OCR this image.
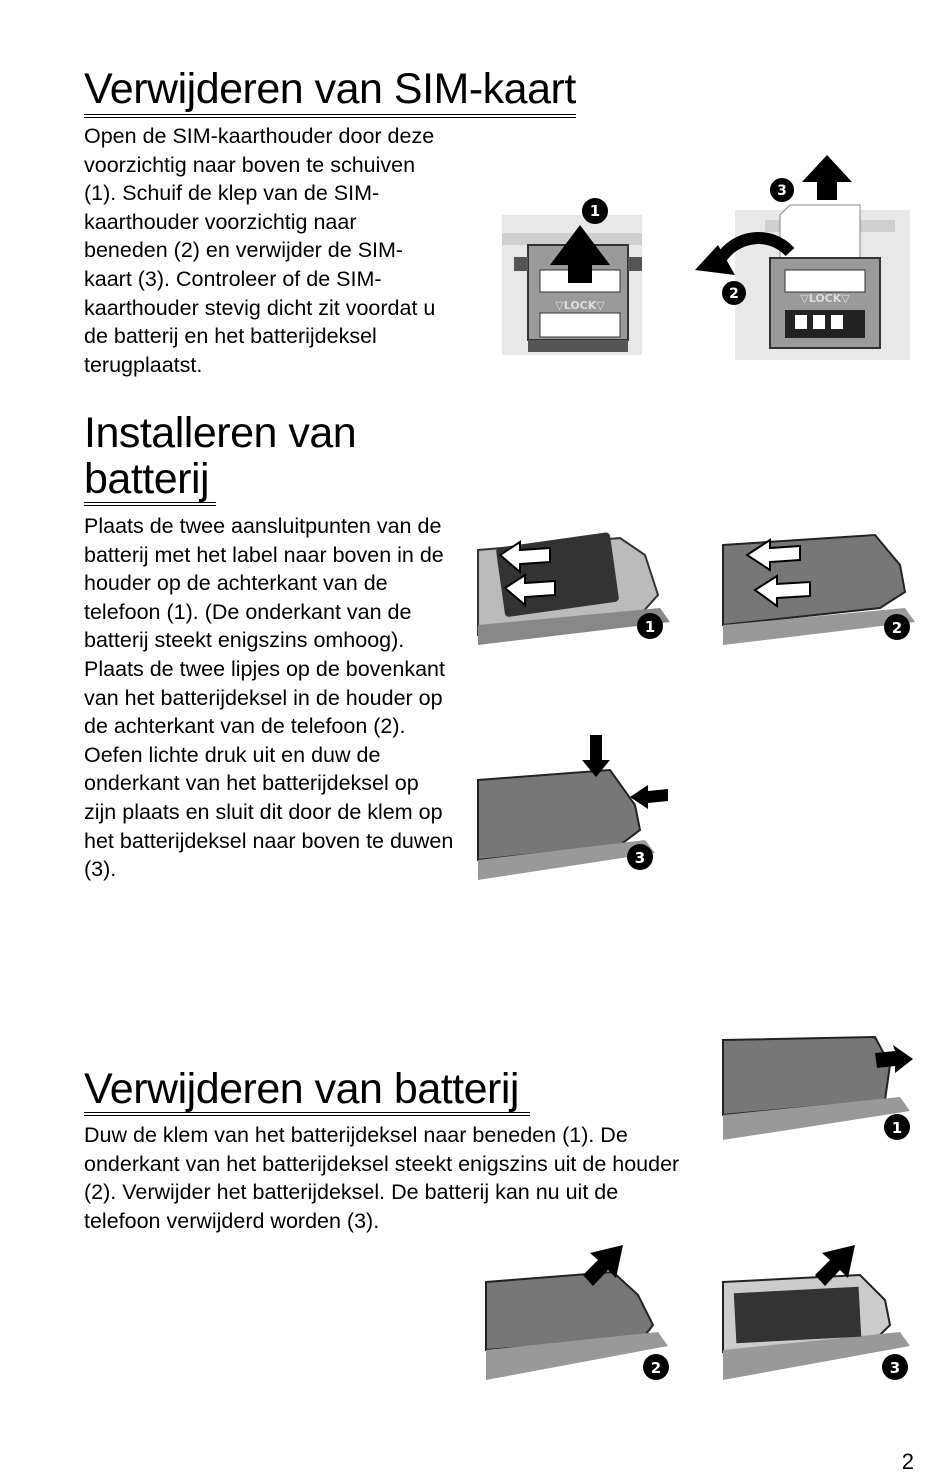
Verwijderen van SIM-kaart

Open de SIM-kaarthouder door deze voorzichtig naar boven te schuiven (1). Schuif de klep van de SIM-kaarthouder voorzichtig naar beneden (2) en verwijder de SIM-kaart (3). Controleer of de SIM-kaarthouder stevig dicht zit voordat u de batterij en het batterijdeksel terugplaatst.

▽LOCK▽
1
▽LOCK▽
3
2
Installeren van batterij

Plaats de twee aansluitpunten van de batterij met het label naar boven in de houder op de achterkant van de telefoon (1). (De onderkant van de batterij steekt enigszins omhoog). Plaats de twee lipjes op de bovenkant van het batterijdeksel in de houder op de achterkant van de telefoon (2). Oefen lichte druk uit en duw de onderkant van het batterijdeksel op zijn plaats en sluit dit door de klem op het batterijdeksel naar boven te duwen (3).

1	2
3
Verwijderen van batterij

Duw de klem van het batterijdeksel naar beneden (1). De onderkant van het batterijdeksel steekt enigszins uit de houder (2). Verwijder het batterijdeksel. De batterij kan nu uit de telefoon verwijderd worden (3).

1
2	3
2
